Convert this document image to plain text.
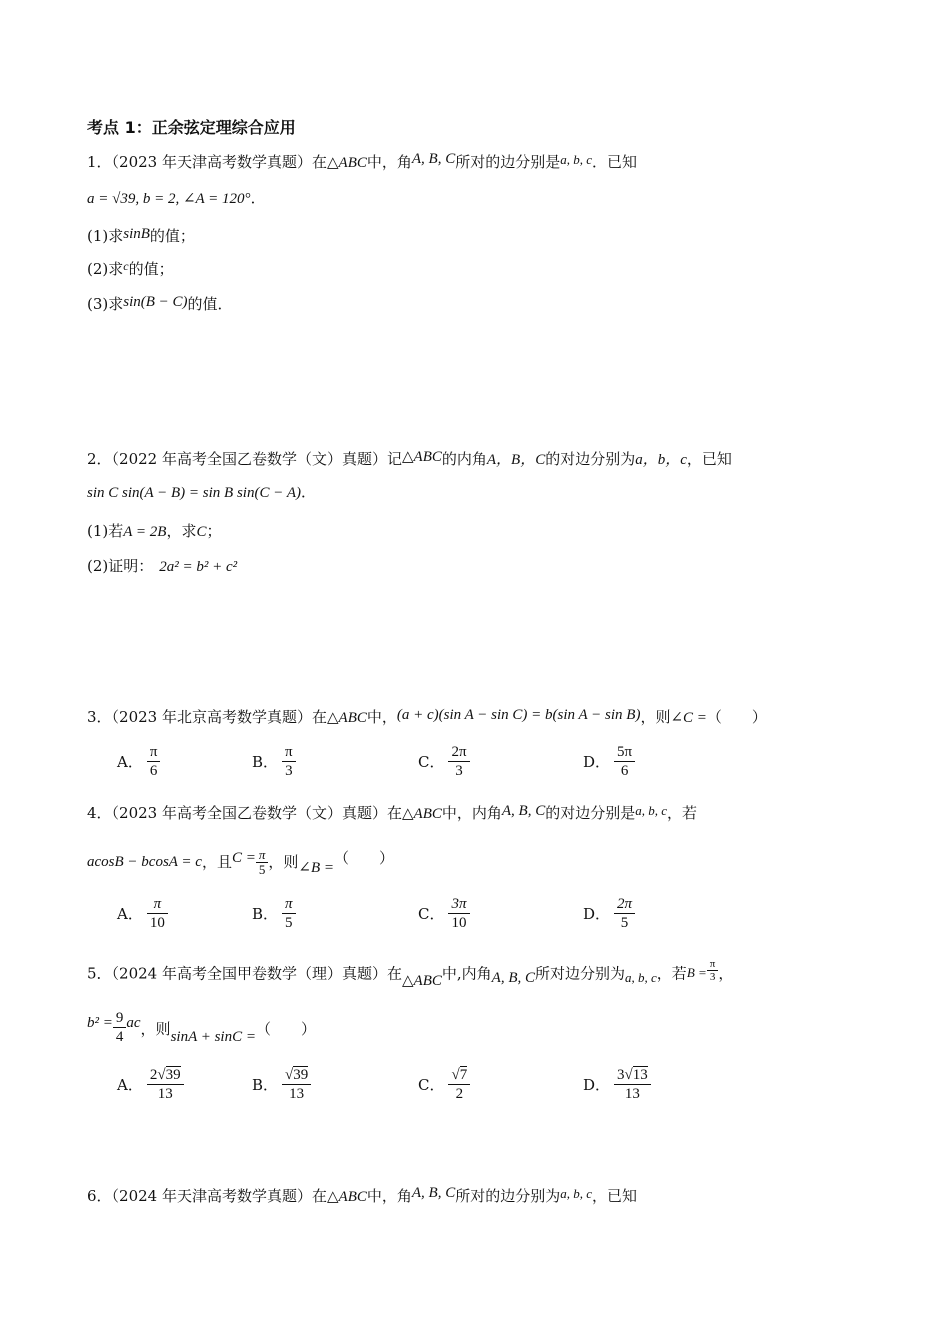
考点 1：正余弦定理综合应用
1．（2023 年天津高考数学真题）在△ABC中，角A, B, C所对的边分别是a, b, c．已知
a = √39, b = 2, ∠A = 120°．
(1)求sinB的值；
(2)求$^c$的值；
(3)求sin(B − C)的值．
2．（2022 年高考全国乙卷数学（文）真题）记△ABC的内角A，B，C的对边分别为a，b，c，已知
sin C sin(A − B) = sin B sin(C − A)．
(1)若A = 2B，求C；
(2)证明： 2a² = b² + c²
3．（2023 年北京高考数学真题）在△ABC中，(a + c)(sin A − sin C) = b(sin A − sin B)，则∠C =（　　）
A． $\frac{\pi}{6}$	B． $\frac{\pi}{3}$	C． $\frac{2\pi}{3}$	D． $\frac{5\pi}{6}$
4．（2023 年高考全国乙卷数学（文）真题）在△ABC中，内角A, B, C的对边分别是a, b, c，若
acosB − bcosA = c，且$C = \frac{\pi}{5}$ ，则∠B =（　　）
A． $\frac{\pi}{10}$	B． $\frac{\pi}{5}$	C． $\frac{3\pi}{10}$	D． $\frac{2\pi}{5}$
5．（2024 年高考全国甲卷数学（理）真题）在△ABC中,内角A, B, C所对边分别为a, b, c，若$B = \frac{\pi}{3}$ ，
$b^2 = \frac{9}{4}$ ac，则sinA + sinC =（　　）
A． $\frac{2√39}{13}$	B． $\frac{√39}{13}$	C． $\frac{√7}{2}$	D． $\frac{3√13}{13}$
6．（2024 年天津高考数学真题）在△ABC中，角A, B, C所对的边分别为a, b, c，已知
